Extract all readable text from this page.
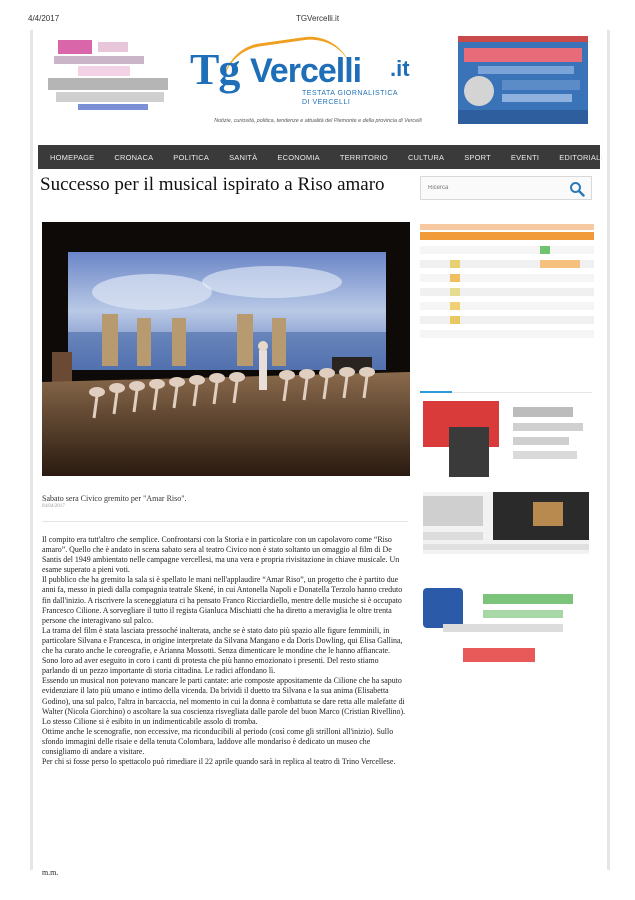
4/4/2017	TGVercelli.it
Tg Vercelli .it
TESTATA GIORNALISTICA
DI VERCELLI
Notizie, curiosità, politica, tendenze e attualità del Piemonte e della provincia di Vercelli
HOMEPAGE	CRONACA	POLITICA	SANITÀ	ECONOMIA	TERRITORIO	CULTURA	SPORT	EVENTI	EDITORIALI
Successo per il musical ispirato a Riso amaro
Sabato sera Civico gremito per "Amar Riso".
04/04/2017

Il compito era tutt'altro che semplice. Confrontarsi con la Storia e in particolare con un capolavoro come “Riso amaro”. Quello che è andato in scena sabato sera al teatro Civico non è stato soltanto un omaggio al film di De Santis del 1949 ambientato nelle campagne vercellesi, ma una vera e propria rivisitazione in chiave musicale. Un esame superato a pieni voti.

Il pubblico che ha gremito la sala si è spellato le mani nell'applaudire “Amar Riso”, un progetto che è partito due anni fa, messo in piedi dalla compagnia teatrale Skené, in cui Antonella Napoli e Donatella Terzolo hanno creduto fin dall'inizio. A riscrivere la sceneggiatura ci ha pensato Franco Ricciardiello, mentre delle musiche si è occupato Francesco Cilione. A sorvegliare il tutto il regista Gianluca Mischiatti che ha diretto a meraviglia le oltre trenta persone che interagivano sul palco.

La trama del film è stata lasciata pressoché inalterata, anche se è stato dato più spazio alle figure femminili, in particolare Silvana e Francesca, in origine interpretate da Silvana Mangano e da Doris Dowling, qui Elisa Gallina, che ha curato anche le coreografie, e Arianna Mossotti. Senza dimenticare le mondine che le hanno affiancate. Sono loro ad aver eseguito in coro i canti di protesta che più hanno emozionato i presenti. Del resto stiamo parlando di un pezzo importante di storia cittadina. Le radici affondano lì.

Essendo un musical non potevano mancare le parti cantate: arie composte appositamente da Cilione che ha saputo evidenziare il lato più umano e intimo della vicenda. Da brividi il duetto tra Silvana e la sua anima (Elisabetta Godino), una sul palco, l'altra in barcaccia, nel momento in cui la donna è combattuta se dare retta alle malefatte di Walter (Nicola Giorchino) o ascoltare la sua coscienza risvegliata dalle parole del buon Marco (Cristian Rivellino). Lo stesso Cilione si è esibito in un indimenticabile assolo di tromba.

Ottime anche le scenografie, non eccessive, ma riconducibili al periodo (così come gli strilloni all'inizio). Sullo sfondo immagini delle risaie e della tenuta Colombara, laddove alle mondariso è dedicato un museo che consigliamo di andare a visitare.

Per chi si fosse perso lo spettacolo può rimediare il 22 aprile quando sarà in replica al teatro di Trino Vercellese.

m.m.
Ricerca
